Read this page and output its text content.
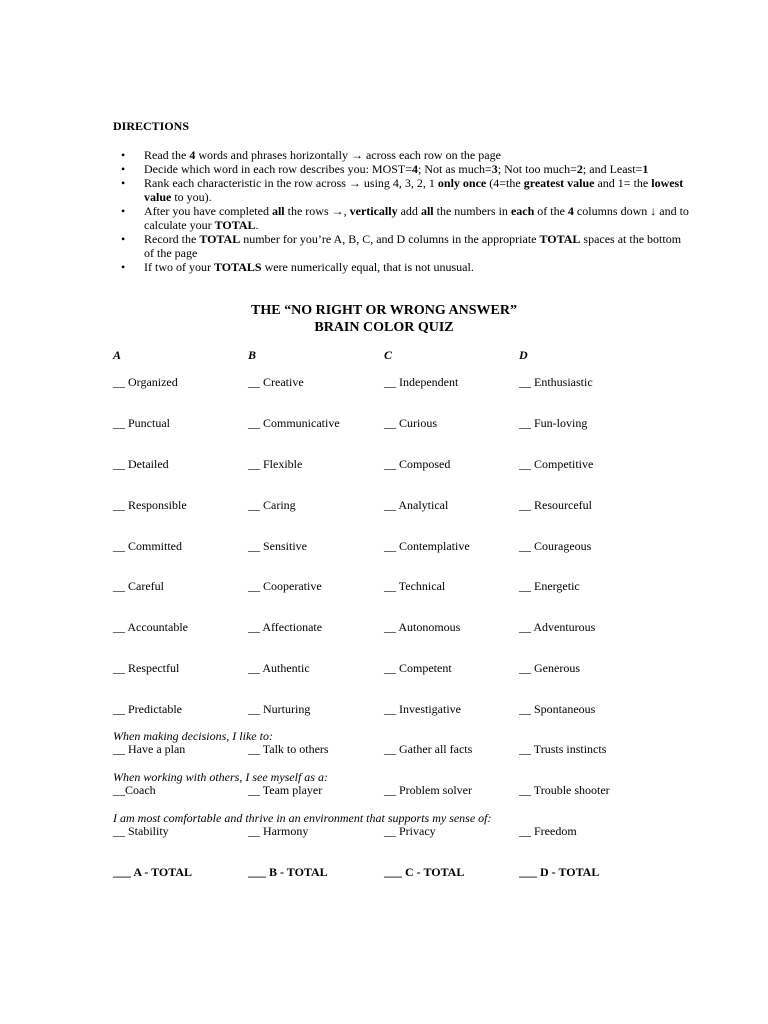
DIRECTIONS

• Read the 4 words and phrases horizontally → across each row on the page
• Decide which word in each row describes you: MOST=4; Not as much=3; Not too much=2; and Least=1
• Rank each characteristic in the row across → using 4, 3, 2, 1 only once (4=the greatest value and 1= the lowest value to you).
• After you have completed all the rows →, vertically add all the numbers in each of the 4 columns down ↓ and to calculate your TOTAL.
• Record the TOTAL number for you’re A, B, C, and D columns in the appropriate TOTAL spaces at the bottom of the page
• If two of your TOTALS were numerically equal, that is not unusual.

THE “NO RIGHT OR WRONG ANSWER”

BRAIN COLOR QUIZ

A	B	C	D
__ Organized	__ Creative	__ Independent	__ Enthusiastic
__ Punctual	__ Communicative	__ Curious	__ Fun-loving
__ Detailed	__ Flexible	__ Composed	__ Competitive
__ Responsible	__ Caring	__ Analytical	__ Resourceful
__ Committed	__ Sensitive	__ Contemplative	__ Courageous
__ Careful	__ Cooperative	__ Technical	__ Energetic
__ Accountable	__ Affectionate	__ Autonomous	__ Adventurous
__ Respectful	__ Authentic	__ Competent	__ Generous
__ Predictable	__ Nurturing	__ Investigative	__ Spontaneous
When making decisions, I like to:
__ Have a plan	__ Talk to others	__ Gather all facts	__ Trusts instincts
When working with others, I see myself as a:
__Coach	__ Team player	__ Problem solver	__ Trouble shooter
I am most comfortable and thrive in an environment that supports my sense of:
__ Stability	__ Harmony	__ Privacy	__ Freedom
___ A - TOTAL	___ B - TOTAL	___ C - TOTAL	___ D - TOTAL
